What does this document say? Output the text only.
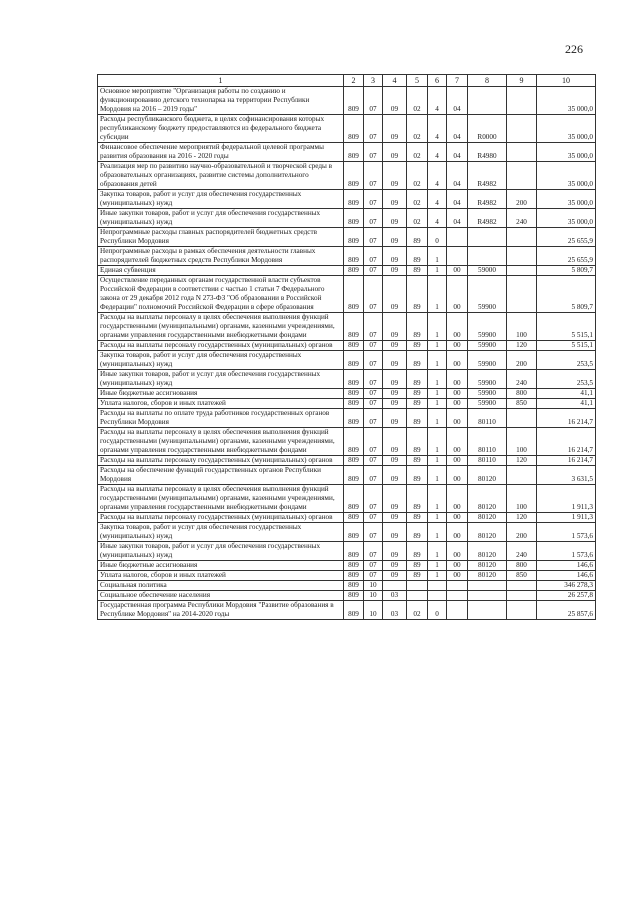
226
1	2	3	4	5	6	7	8	9	10
Основное мероприятие "Организация работы по созданию и функционированию детского технопарка на территории Республики Мордовия на 2016 – 2019 годы"	809	07	09	02	4	04			35 000,0
Расходы республиканского бюджета, в целях софинансирования которых республиканскому бюджету предоставляются из федерального бюджета субсидии	809	07	09	02	4	04	R0000		35 000,0
Финансовое обеспечение мероприятий федеральной целевой программы развития образования на 2016 - 2020 годы	809	07	09	02	4	04	R4980		35 000,0
Реализация мер по развитию научно-образовательной и творческой среды в образовательных организациях, развитие системы дополнительного образования детей	809	07	09	02	4	04	R4982		35 000,0
Закупка товаров, работ и услуг для обеспечения государственных (муниципальных) нужд	809	07	09	02	4	04	R4982	200	35 000,0
Иные закупки товаров, работ и услуг для обеспечения государственных (муниципальных) нужд	809	07	09	02	4	04	R4982	240	35 000,0
Непрограммные расходы главных распорядителей бюджетных средств Республики Мордовия	809	07	09	89	0				25 655,9
Непрограммные расходы в рамках обеспечения деятельности главных распорядителей бюджетных средств Республики Мордовия	809	07	09	89	1				25 655,9
Единая субвенция	809	07	09	89	1	00	59000		5 809,7
Осуществление переданных органам государственной власти субъектов Российской Федерации в соответствии с частью 1 статьи 7 Федерального закона от 29 декабря 2012 года N 273-ФЗ "Об образовании в Российской Федерации" полномочий Российской Федерации в сфере образования	809	07	09	89	1	00	59900		5 809,7
Расходы на выплаты персоналу в целях обеспечения выполнения функций государственными (муниципальными) органами, казенными учреждениями, органами управления государственными внебюджетными фондами	809	07	09	89	1	00	59900	100	5 515,1
Расходы на выплаты персоналу государственных (муниципальных) органов	809	07	09	89	1	00	59900	120	5 515,1
Закупка товаров, работ и услуг для обеспечения государственных (муниципальных) нужд	809	07	09	89	1	00	59900	200	253,5
Иные закупки товаров, работ и услуг для обеспечения государственных (муниципальных) нужд	809	07	09	89	1	00	59900	240	253,5
Иные бюджетные ассигнования	809	07	09	89	1	00	59900	800	41,1
Уплата налогов, сборов и иных платежей	809	07	09	89	1	00	59900	850	41,1
Расходы на выплаты по оплате труда работников государственных органов Республики Мордовия	809	07	09	89	1	00	80110		16 214,7
Расходы на выплаты персоналу в целях обеспечения выполнения функций государственными (муниципальными) органами, казенными учреждениями, органами управления государственными внебюджетными фондами	809	07	09	89	1	00	80110	100	16 214,7
Расходы на выплаты персоналу государственных (муниципальных) органов	809	07	09	89	1	00	80110	120	16 214,7
Расходы на обеспечение функций государственных органов Республики Мордовия	809	07	09	89	1	00	80120		3 631,5
Расходы на выплаты персоналу в целях обеспечения выполнения функций государственными (муниципальными) органами, казенными учреждениями, органами управления государственными внебюджетными фондами	809	07	09	89	1	00	80120	100	1 911,3
Расходы на выплаты персоналу государственных (муниципальных) органов	809	07	09	89	1	00	80120	120	1 911,3
Закупка товаров, работ и услуг для обеспечения государственных (муниципальных) нужд	809	07	09	89	1	00	80120	200	1 573,6
Иные закупки товаров, работ и услуг для обеспечения государственных (муниципальных) нужд	809	07	09	89	1	00	80120	240	1 573,6
Иные бюджетные ассигнования	809	07	09	89	1	00	80120	800	146,6
Уплата налогов, сборов и иных платежей	809	07	09	89	1	00	80120	850	146,6
Социальная политика	809	10							346 278,3
Социальное обеспечение населения	809	10	03						26 257,8
Государственная программа Республики Мордовия "Развитие образования в Республике Мордовия" на 2014-2020 годы	809	10	03	02	0				25 857,6
